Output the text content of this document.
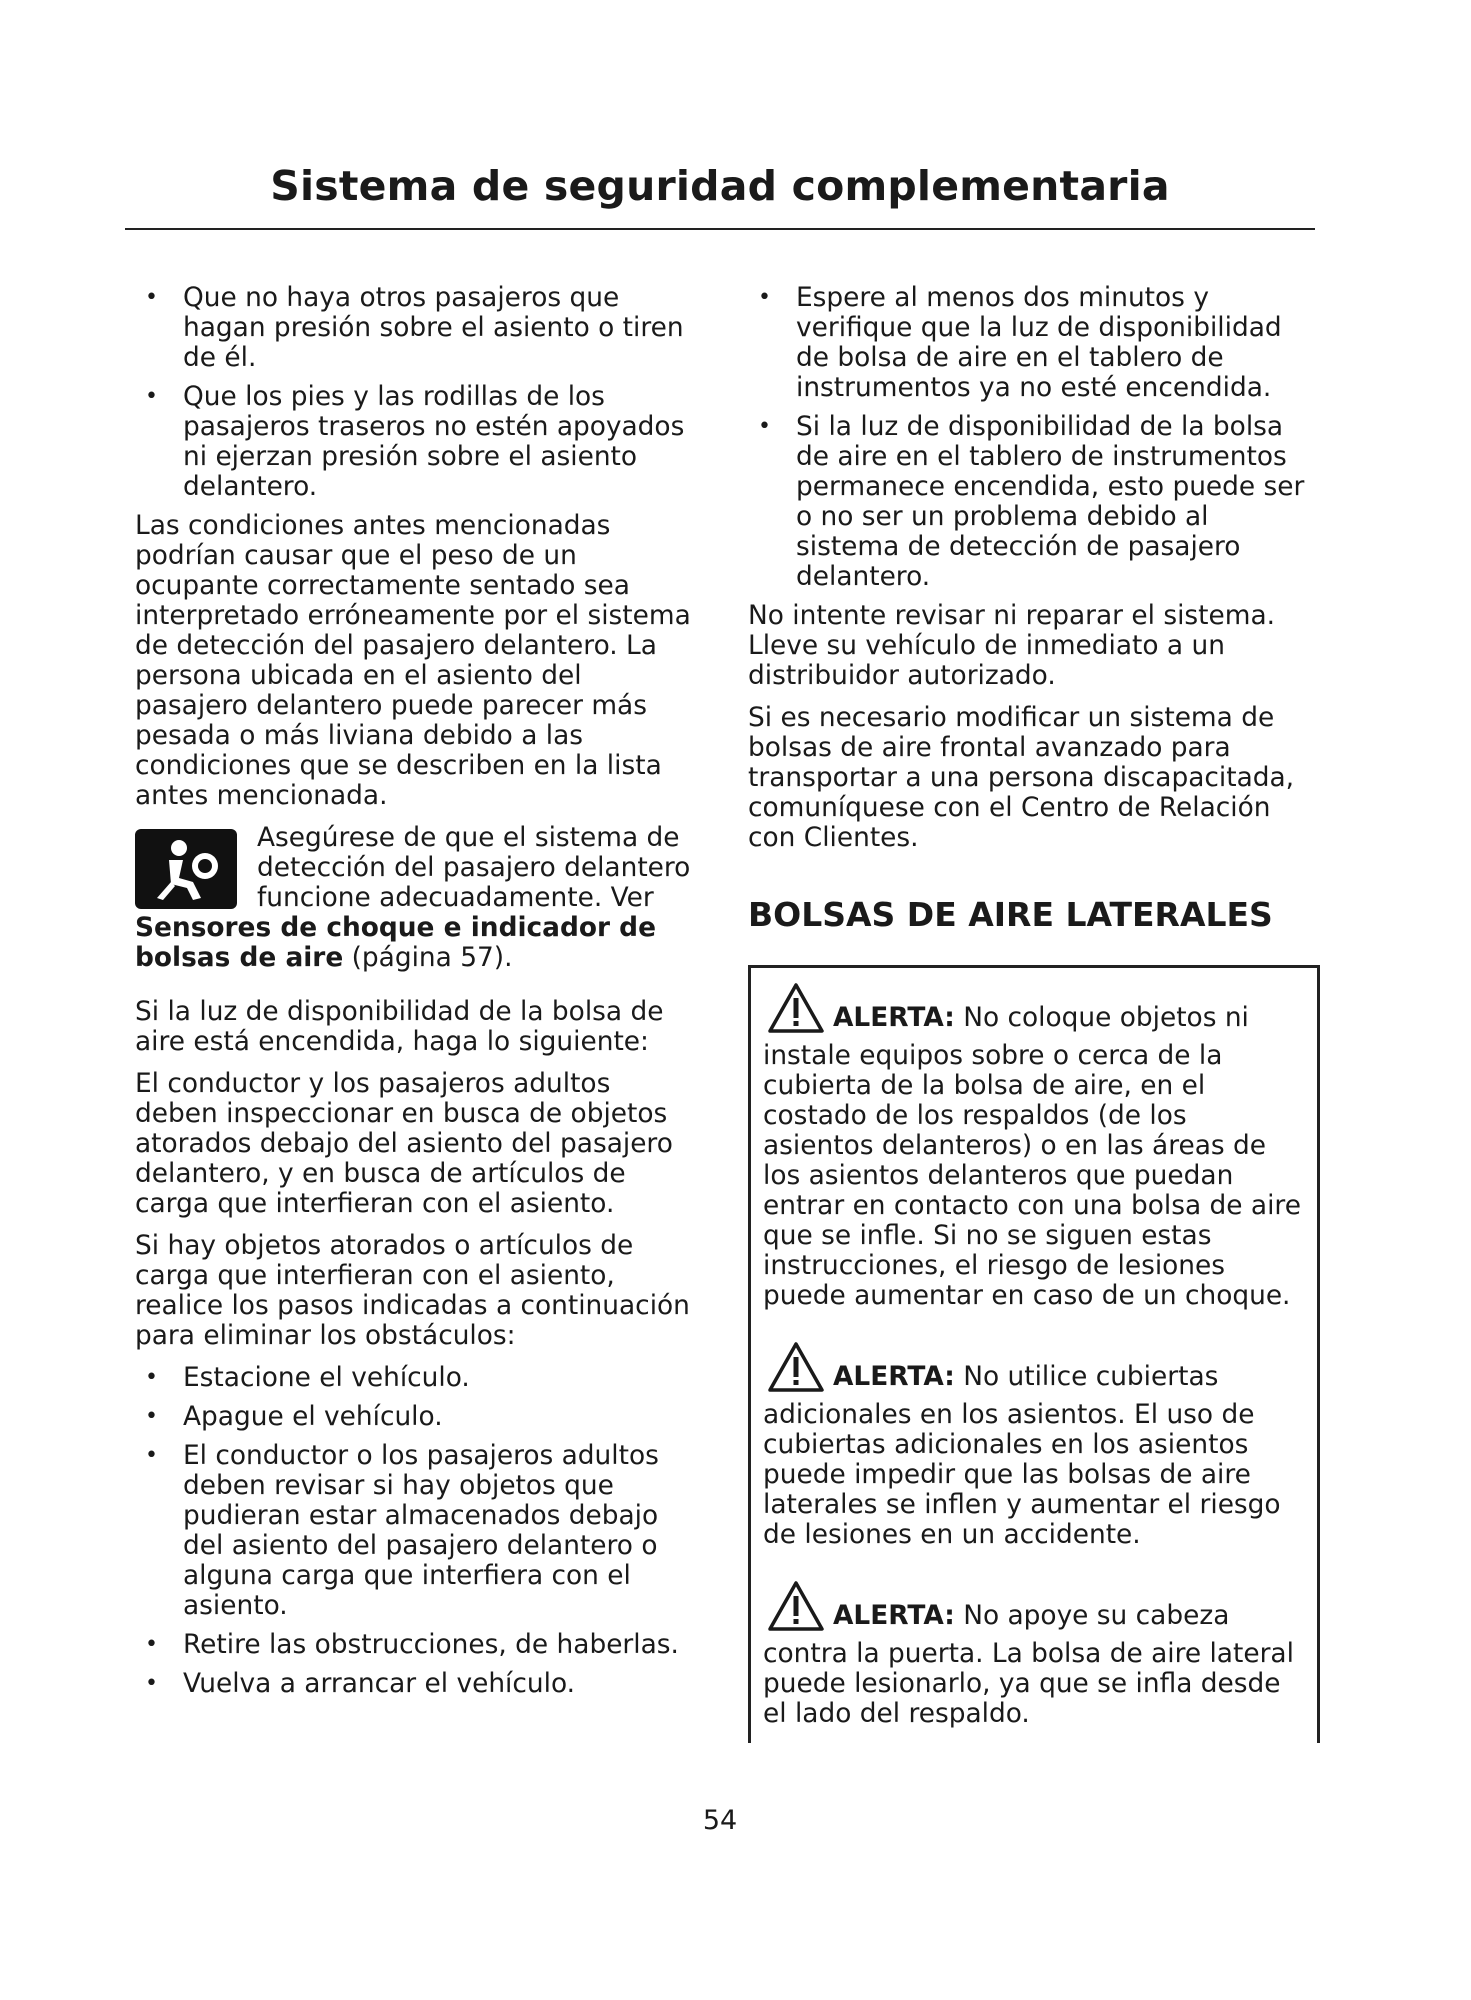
Sistema de seguridad complementaria
• Que no haya otros pasajeros que hagan presión sobre el asiento o tiren de él.
• Que los pies y las rodillas de los pasajeros traseros no estén apoyados ni ejerzan presión sobre el asiento delantero.

Las condiciones antes mencionadas podrían causar que el peso de un ocupante correctamente sentado sea interpretado erróneamente por el sistema de detección del pasajero delantero. La persona ubicada en el asiento del pasajero delantero puede parecer más pesada o más liviana debido a las condiciones que se describen en la lista antes mencionada.

Asegúrese de que el sistema de detección del pasajero delantero funcione adecuadamente. Ver
Sensores de choque e indicador de bolsas de aire (página 57).

Si la luz de disponibilidad de la bolsa de aire está encendida, haga lo siguiente:

El conductor y los pasajeros adultos deben inspeccionar en busca de objetos atorados debajo del asiento del pasajero delantero, y en busca de artículos de carga que interfieran con el asiento.

Si hay objetos atorados o artículos de carga que interfieran con el asiento, realice los pasos indicadas a continuación para eliminar los obstáculos:

• Estacione el vehículo.
• Apague el vehículo.
• El conductor o los pasajeros adultos deben revisar si hay objetos que pudieran estar almacenados debajo del asiento del pasajero delantero o alguna carga que interfiera con el asiento.
• Retire las obstrucciones, de haberlas.
• Vuelva a arrancar el vehículo.
• Espere al menos dos minutos y verifique que la luz de disponibilidad de bolsa de aire en el tablero de instrumentos ya no esté encendida.
• Si la luz de disponibilidad de la bolsa de aire en el tablero de instrumentos permanece encendida, esto puede ser o no ser un problema debido al sistema de detección de pasajero delantero.

No intente revisar ni reparar el sistema. Lleve su vehículo de inmediato a un distribuidor autorizado.

Si es necesario modificar un sistema de bolsas de aire frontal avanzado para transportar a una persona discapacitada, comuníquese con el Centro de Relación con Clientes.

BOLSAS DE AIRE LATERALES
ALERTA: No coloque objetos ni instale equipos sobre o cerca de la cubierta de la bolsa de aire, en el costado de los respaldos (de los asientos delanteros) o en las áreas de los asientos delanteros que puedan entrar en contacto con una bolsa de aire que se infle. Si no se siguen estas instrucciones, el riesgo de lesiones puede aumentar en caso de un choque.
ALERTA: No utilice cubiertas adicionales en los asientos. El uso de cubiertas adicionales en los asientos puede impedir que las bolsas de aire laterales se inflen y aumentar el riesgo de lesiones en un accidente.
ALERTA: No apoye su cabeza contra la puerta. La bolsa de aire lateral puede lesionarlo, ya que se infla desde el lado del respaldo.
54
